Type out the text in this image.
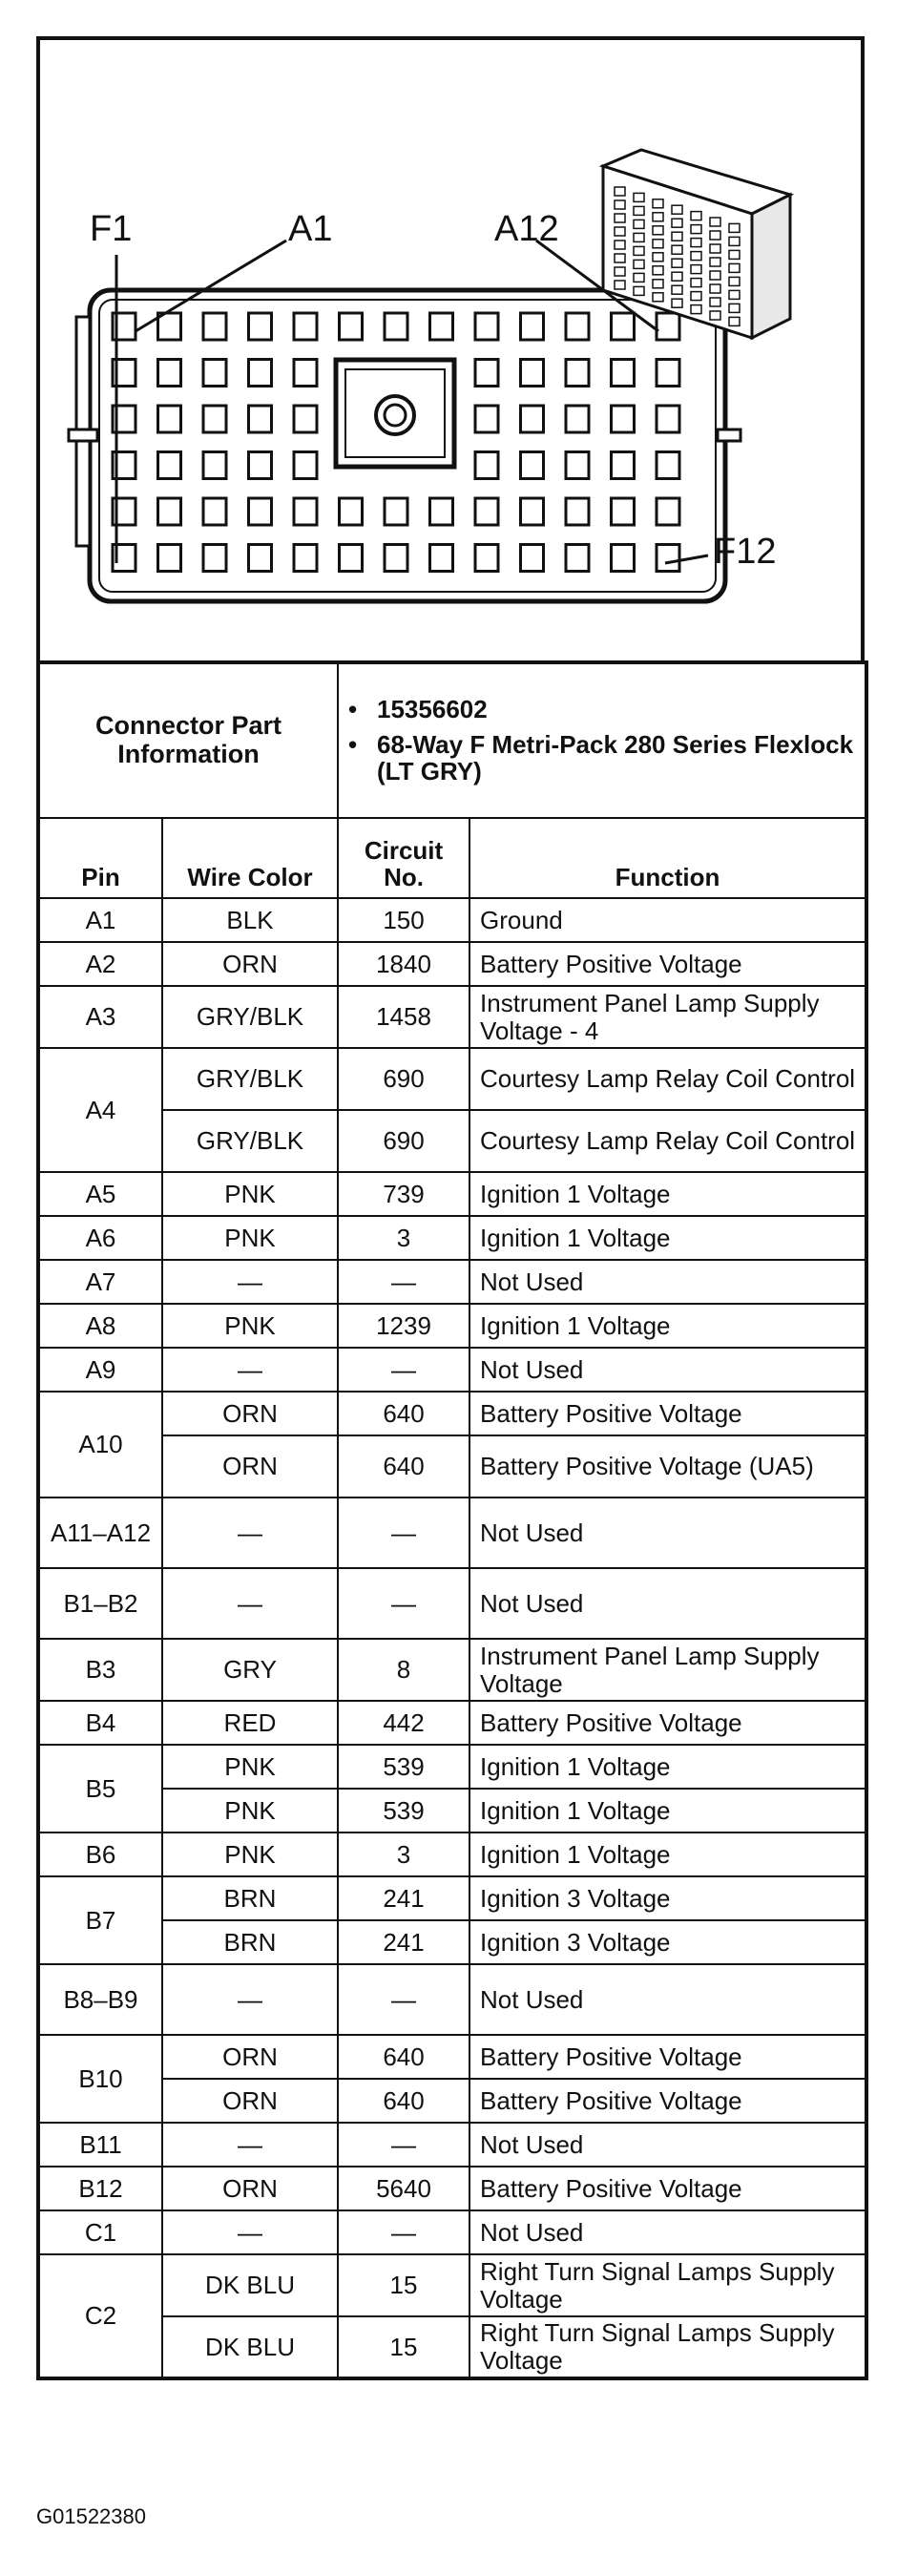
F1	A1	A12
F12
Connector Part Information		• 15356602
• 68-Way F Metri-Pack 280 Series Flexlock (LT GRY)	

Pin	Wire Color	Circuit No.	Function
A1	BLK	150	Ground
A2	ORN	1840	Battery Positive Voltage
A3	GRY/BLK	1458	Instrument Panel Lamp Supply Voltage - 4
A4	GRY/BLK	690	Courtesy Lamp Relay Coil Control
	GRY/BLK	690	Courtesy Lamp Relay Coil Control
A5	PNK	739	Ignition 1 Voltage
A6	PNK	3	Ignition 1 Voltage
A7	—	—	Not Used
A8	PNK	1239	Ignition 1 Voltage
A9	—	—	Not Used
A10	ORN	640	Battery Positive Voltage
	ORN	640	Battery Positive Voltage (UA5)
A11–A12	—	—	Not Used
B1–B2	—	—	Not Used
B3	GRY	8	Instrument Panel Lamp Supply Voltage
B4	RED	442	Battery Positive Voltage
B5	PNK	539	Ignition 1 Voltage
	PNK	539	Ignition 1 Voltage
B6	PNK	3	Ignition 1 Voltage
B7	BRN	241	Ignition 3 Voltage
	BRN	241	Ignition 3 Voltage
B8–B9	—	—	Not Used
B10	ORN	640	Battery Positive Voltage
	ORN	640	Battery Positive Voltage
B11	—	—	Not Used
B12	ORN	5640	Battery Positive Voltage
C1	—	—	Not Used
C2	DK BLU	15	Right Turn Signal Lamps Supply Voltage
	DK BLU	15	Right Turn Signal Lamps Supply Voltage
G01522380
